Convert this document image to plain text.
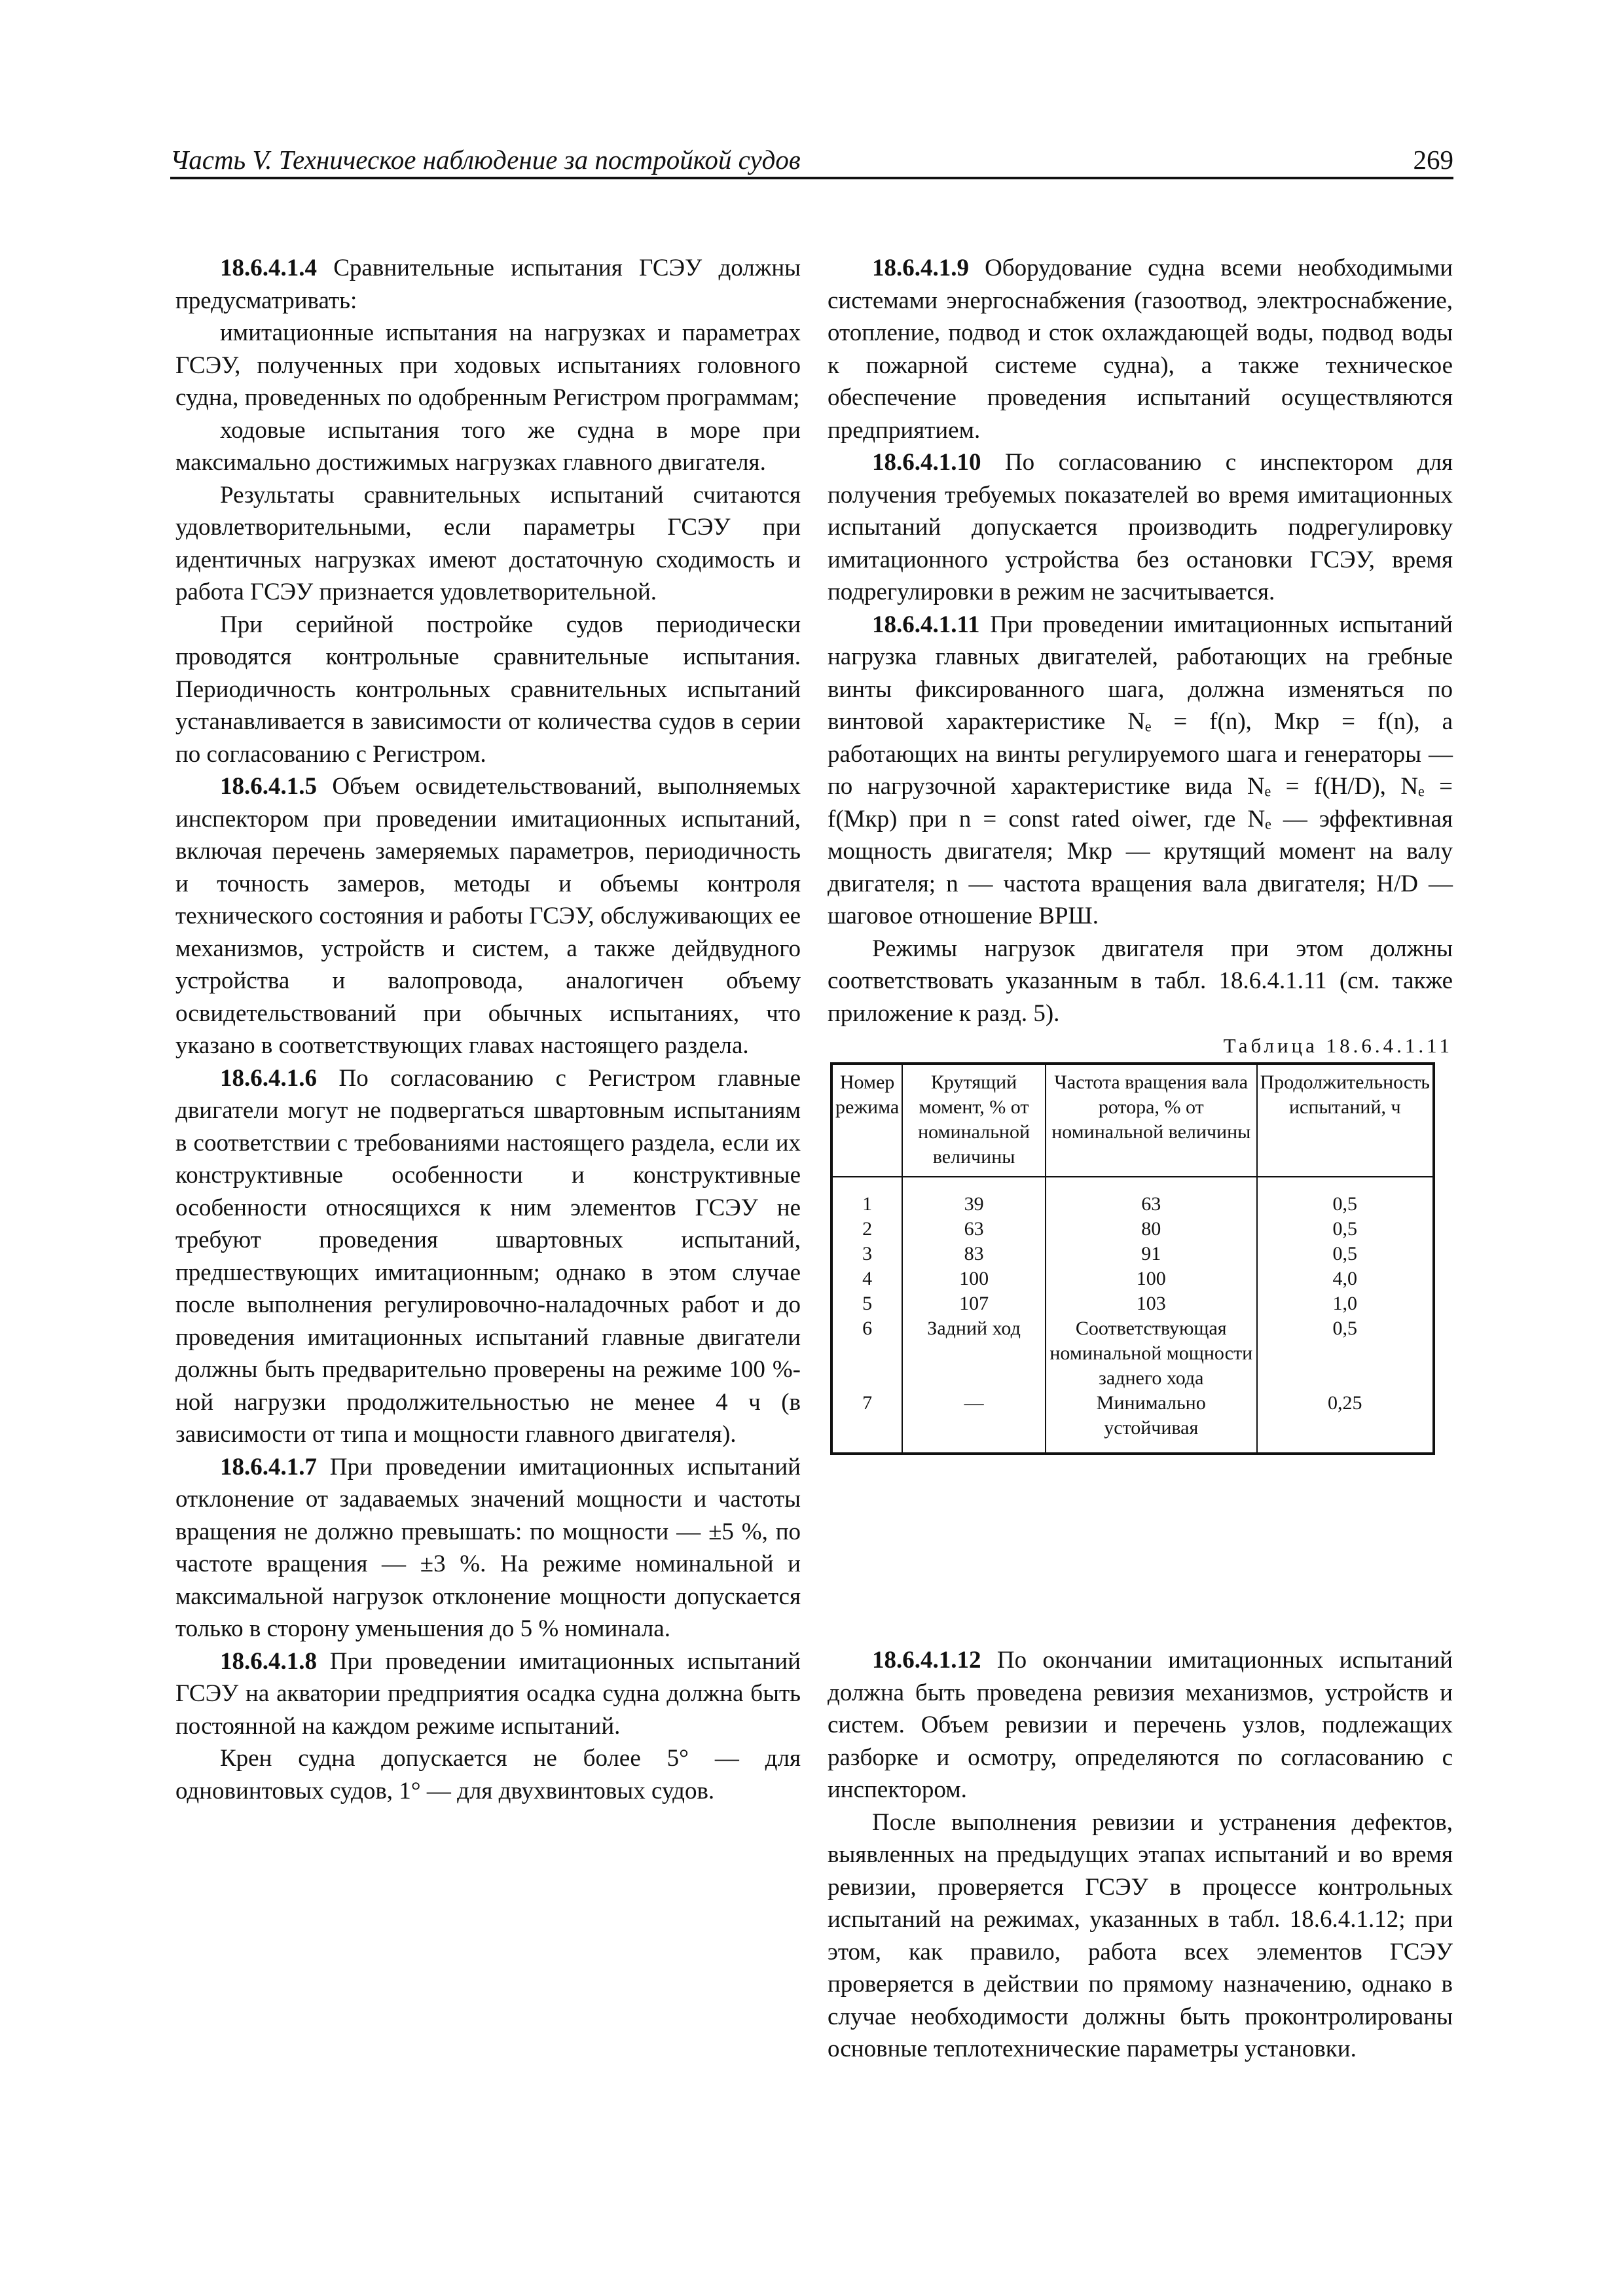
Часть V. Техническое наблюдение за постройкой судов	269

18.6.4.1.4 Сравнительные испытания ГСЭУ должны предусматривать:

имитационные испытания на нагрузках и параметрах ГСЭУ, полученных при ходовых испытаниях головного судна, проведенных по одобренным Регистром программам;

ходовые испытания того же судна в море при максимально достижимых нагрузках главного двигателя.

Результаты сравнительных испытаний считаются удовлетворительными, если параметры ГСЭУ при идентичных нагрузках имеют достаточную сходимость и работа ГСЭУ признается удовлетворительной.

При серийной постройке судов периодически проводятся контрольные сравнительные испытания. Периодичность контрольных сравнительных испытаний устанавливается в зависимости от количества судов в серии по согласованию с Регистром.

18.6.4.1.5 Объем освидетельствований, выполняемых инспектором при проведении имитационных испытаний, включая перечень замеряемых параметров, периодичность и точность замеров, методы и объемы контроля технического состояния и работы ГСЭУ, обслуживающих ее механизмов, устройств и систем, а также дейдвудного устройства и валопровода, аналогичен объему освидетельствований при обычных испытаниях, что указано в соответствующих главах настоящего раздела.

18.6.4.1.6 По согласованию с Регистром главные двигатели могут не подвергаться швартовным испытаниям в соответствии с требованиями настоящего раздела, если их конструктивные особенности и конструктивные особенности относящихся к ним элементов ГСЭУ не требуют проведения швартовных испытаний, предшествующих имитационным; однако в этом случае после выполнения регулировочно-наладочных работ и до проведения имитационных испытаний главные двигатели должны быть предварительно проверены на режиме 100 %-ной нагрузки продолжительностью не менее 4 ч (в зависимости от типа и мощности главного двигателя).

18.6.4.1.7 При проведении имитационных испытаний отклонение от задаваемых значений мощности и частоты вращения не должно превышать: по мощности — ±5 %, по частоте вращения — ±3 %. На режиме номинальной и максимальной нагрузок отклонение мощности допускается только в сторону уменьшения до 5 % номинала.

18.6.4.1.8 При проведении имитационных испытаний ГСЭУ на акватории предприятия осадка судна должна быть постоянной на каждом режиме испытаний.

Крен судна допускается не более 5° — для одновинтовых судов, 1° — для двухвинтовых судов.

18.6.4.1.9 Оборудование судна всеми необходимыми системами энергоснабжения (газоотвод, электроснабжение, отопление, подвод и сток охлаждающей воды, подвод воды к пожарной системе судна), а также техническое обеспечение проведения испытаний осуществляются предприятием.

18.6.4.1.10 По согласованию с инспектором для получения требуемых показателей во время имитационных испытаний допускается производить подрегулировку имитационного устройства без остановки ГСЭУ, время подрегулировки в режим не засчитывается.

18.6.4.1.11 При проведении имитационных испытаний нагрузка главных двигателей, работающих на гребные винты фиксированного шага, должна изменяться по винтовой характеристике Nₑ = f(n), Mкр = f(n), а работающих на винты регулируемого шага и генераторы — по нагрузочной характеристике вида Nₑ = f(H/D), Nₑ = f(Mкр) при n = const rated oiwer, где Nₑ — эффективная мощность двигателя; Mкр — крутящий момент на валу двигателя; n — частота вращения вала двигателя; H/D — шаговое отношение ВРШ.

Режимы нагрузок двигателя при этом должны соответствовать указанным в табл. 18.6.4.1.11 (см. также приложение к разд. 5).

Таблица 18.6.4.1.11

Номер режима	Крутящий момент, % от номинальной величины	Частота вращения вала ротора, % от номинальной величины	Продолжительность испытаний, ч
1	39	63	0,5
2	63	80	0,5
3	83	91	0,5
4	100	100	4,0
5	107	103	1,0
6	Задний ход	Соответствующая номинальной мощности заднего хода	0,5
7	—	Минимально устойчивая	0,25

18.6.4.1.12 По окончании имитационных испытаний должна быть проведена ревизия механизмов, устройств и систем. Объем ревизии и перечень узлов, подлежащих разборке и осмотру, определяются по согласованию с инспектором.

После выполнения ревизии и устранения дефектов, выявленных на предыдущих этапах испытаний и во время ревизии, проверяется ГСЭУ в процессе контрольных испытаний на режимах, указанных в табл. 18.6.4.1.12; при этом, как правило, работа всех элементов ГСЭУ проверяется в действии по прямому назначению, однако в случае необходимости должны быть проконтролированы основные теплотехнические параметры установки.
